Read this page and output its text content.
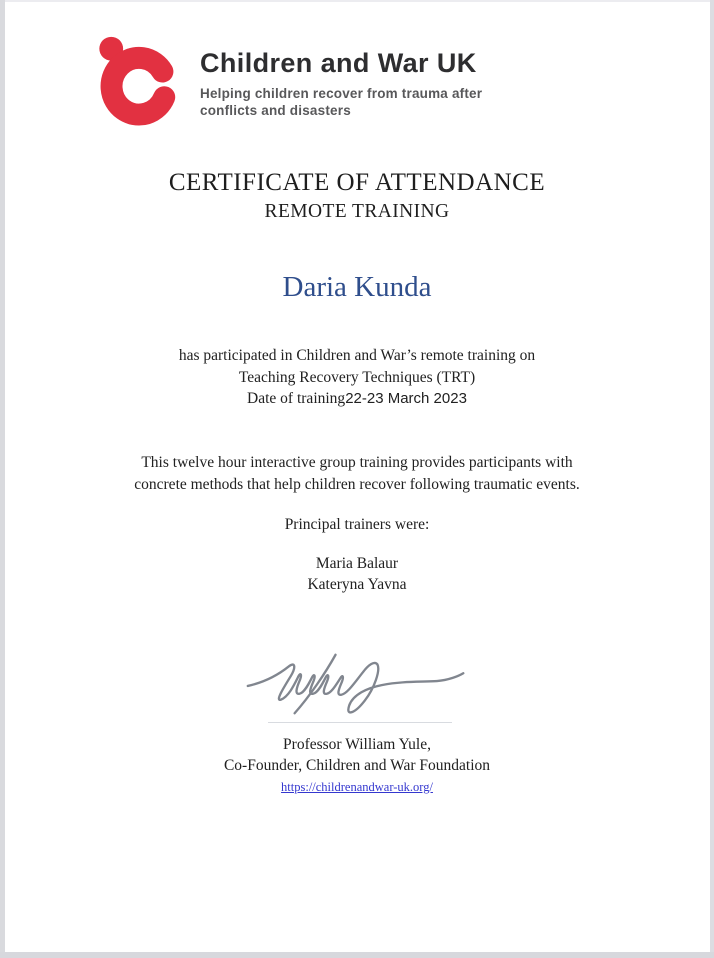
Children and War UK
Helping children recover from trauma after
conflicts and disasters
CERTIFICATE OF ATTENDANCE
REMOTE TRAINING
Daria Kunda
has participated in Children and War’s remote training on
Teaching Recovery Techniques (TRT)
Date of training22-23 March 2023
This twelve hour interactive group training provides participants with
concrete methods that help children recover following traumatic events.
Principal trainers were:
Maria Balaur
Kateryna Yavna
Professor William Yule,
Co-Founder, Children and War Foundation
https://childrenandwar-uk.org/
